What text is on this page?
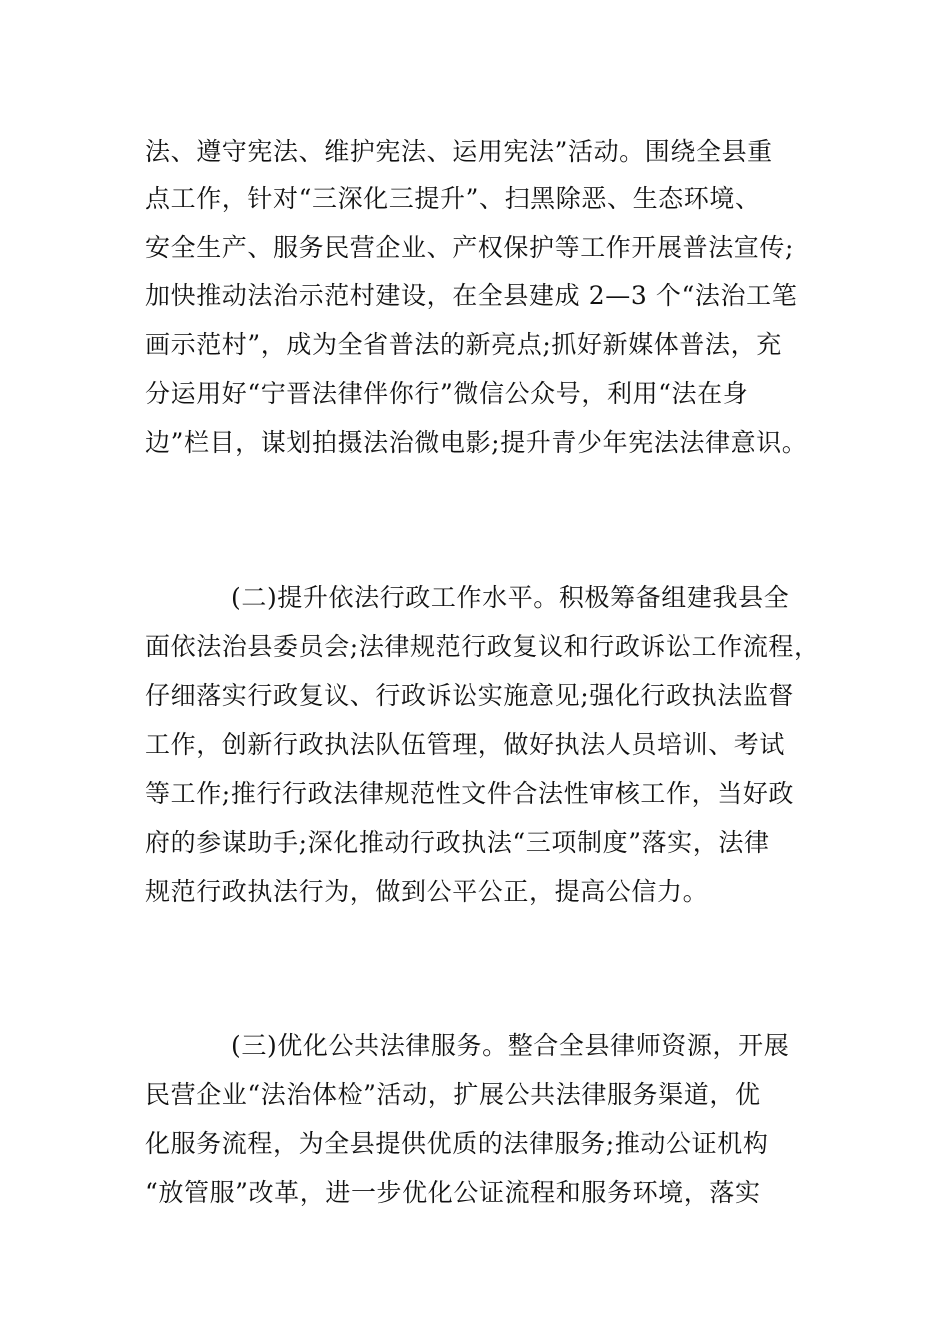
法、遵守宪法、维护宪法、运用宪法”活动。围绕全县重
点工作，针对“三深化三提升”、扫黑除恶、生态环境、
安全生产、服务民营企业、产权保护等工作开展普法宣传;
加快推动法治示范村建设，在全县建成 2—3 个“法治工笔
画示范村”，成为全省普法的新亮点;抓好新媒体普法，充
分运用好“宁晋法律伴你行”微信公众号，利用“法在身
边”栏目，谋划拍摄法治微电影;提升青少年宪法法律意识。
(二)提升依法行政工作水平。积极筹备组建我县全
面依法治县委员会;法律规范行政复议和行政诉讼工作流程，
仔细落实行政复议、行政诉讼实施意见;强化行政执法监督
工作，创新行政执法队伍管理，做好执法人员培训、考试
等工作;推行行政法律规范性文件合法性审核工作，当好政
府的参谋助手;深化推动行政执法“三项制度”落实，法律
规范行政执法行为，做到公平公正，提高公信力。
(三)优化公共法律服务。整合全县律师资源，开展
民营企业“法治体检”活动，扩展公共法律服务渠道，优
化服务流程，为全县提供优质的法律服务;推动公证机构
“放管服”改革，进一步优化公证流程和服务环境，落实
